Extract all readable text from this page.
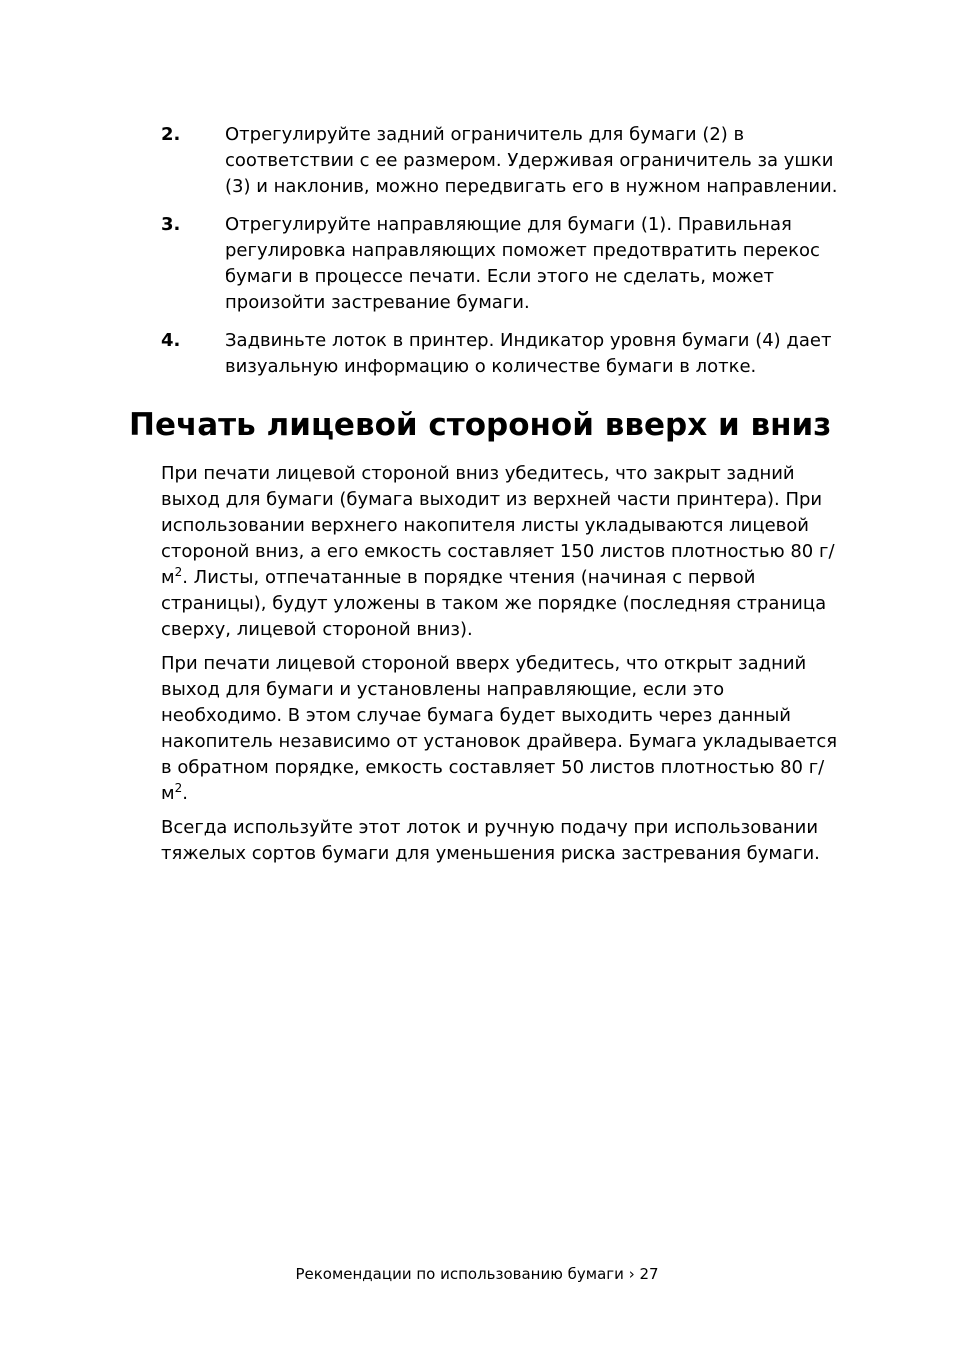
2.	Отрегулируйте задний ограничитель для бумаги (2) в соответствии с ее размером. Удерживая ограничитель за ушки (3) и наклонив, можно передвигать его в нужном направлении.
3.	Отрегулируйте направляющие для бумаги (1). Правильная регулировка направляющих поможет предотвратить перекос бумаги в процессе печати. Если этого не сделать, может произойти застревание бумаги.
4.	Задвиньте лоток в принтер. Индикатор уровня бумаги (4) дает визуальную информацию о количестве бумаги в лотке.
Печать лицевой стороной вверх и вниз

При печати лицевой стороной вниз убедитесь, что закрыт задний выход для бумаги (бумага выходит из верхней части принтера). При использовании верхнего накопителя листы укладываются лицевой стороной вниз, а его емкость составляет 150 листов плотностью 80 $г/м^2$. Листы, отпечатанные в порядке чтения (начиная с первой страницы), будут уложены в таком же порядке (последняя страница сверху, лицевой стороной вниз).

При печати лицевой стороной вверх убедитесь, что открыт задний выход для бумаги и установлены направляющие, если это необходимо. В этом случае бумага будет выходить через данный накопитель независимо от установок драйвера. Бумага укладывается в обратном порядке, емкость составляет 50 листов плотностью 80 $г/м^2$.

Всегда используйте этот лоток и ручную подачу при использовании тяжелых сортов бумаги для уменьшения риска застревания бумаги.

Рекомендации по использованию бумаги › 27
